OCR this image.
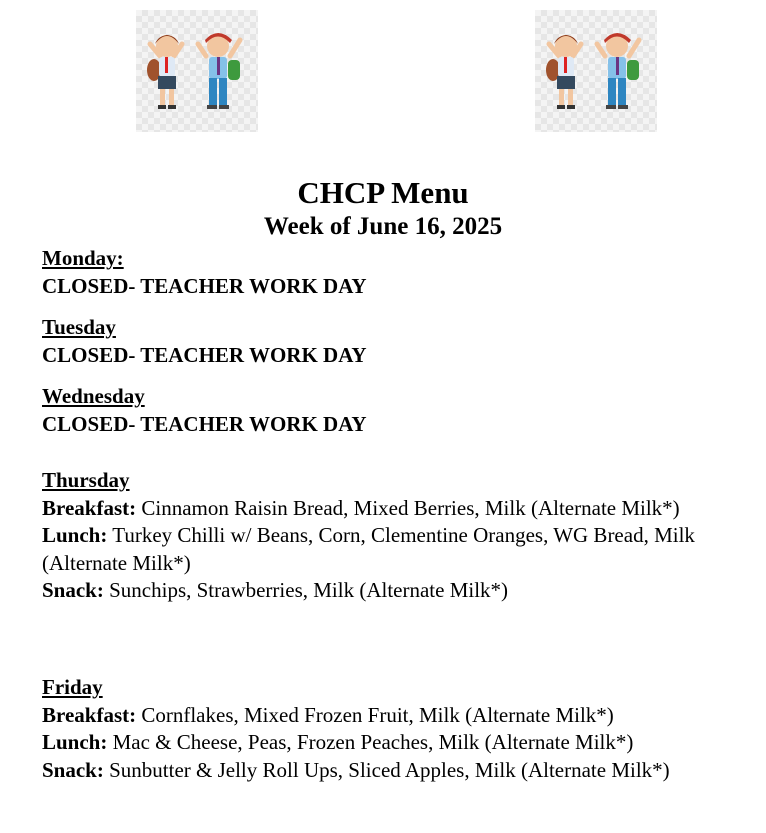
CHCP Menu
Week of June 16, 2025
Monday:
CLOSED- TEACHER WORK DAY
Tuesday
CLOSED- TEACHER WORK DAY
Wednesday
CLOSED- TEACHER WORK DAY
Thursday
Breakfast: Cinnamon Raisin Bread, Mixed Berries, Milk (Alternate Milk*)
Lunch: Turkey Chilli w/ Beans, Corn, Clementine Oranges, WG Bread, Milk (Alternate Milk*)
Snack: Sunchips, Strawberries, Milk (Alternate Milk*)
Friday
Breakfast: Cornflakes, Mixed Frozen Fruit, Milk (Alternate Milk*)
Lunch: Mac & Cheese, Peas, Frozen Peaches, Milk (Alternate Milk*)
Snack: Sunbutter & Jelly Roll Ups, Sliced Apples, Milk (Alternate Milk*)
